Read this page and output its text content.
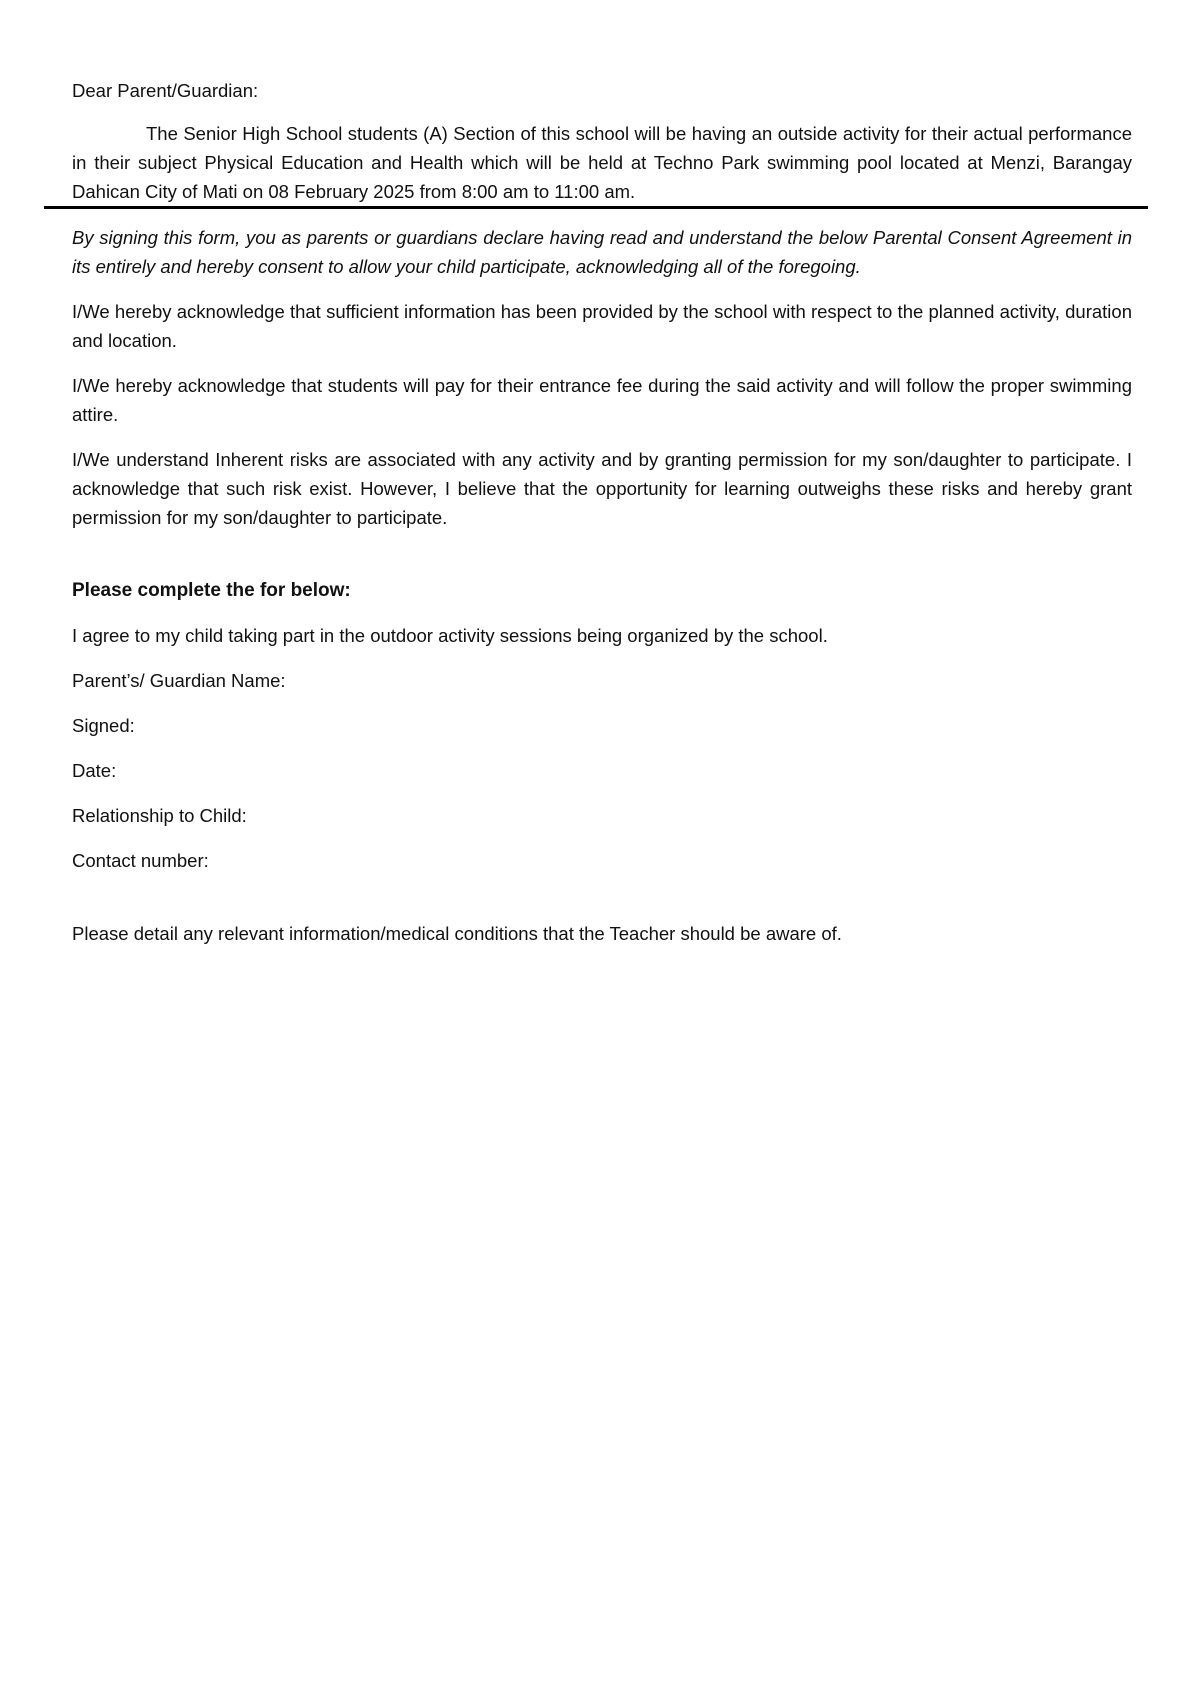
Dear Parent/Guardian:

The Senior High School students (A) Section of this school will be having an outside activity for their actual performance in their subject Physical Education and Health which will be held at Techno Park swimming pool located at Menzi, Barangay Dahican City of Mati on 08 February 2025 from 8:00 am to 11:00 am.

By signing this form, you as parents or guardians declare having read and understand the below Parental Consent Agreement in its entirely and hereby consent to allow your child participate, acknowledging all of the foregoing.

I/We hereby acknowledge that sufficient information has been provided by the school with respect to the planned activity, duration and location.

I/We hereby acknowledge that students will pay for their entrance fee during the said activity and will follow the proper swimming attire.

I/We understand Inherent risks are associated with any activity and by granting permission for my son/daughter to participate. I acknowledge that such risk exist. However, I believe that the opportunity for learning outweighs these risks and hereby grant permission for my son/daughter to participate.

Please complete the for below:

I agree to my child taking part in the outdoor activity sessions being organized by the school.

Parent’s/ Guardian Name:

Signed:

Date:

Relationship to Child:

Contact number:

Please detail any relevant information/medical conditions that the Teacher should be aware of.
